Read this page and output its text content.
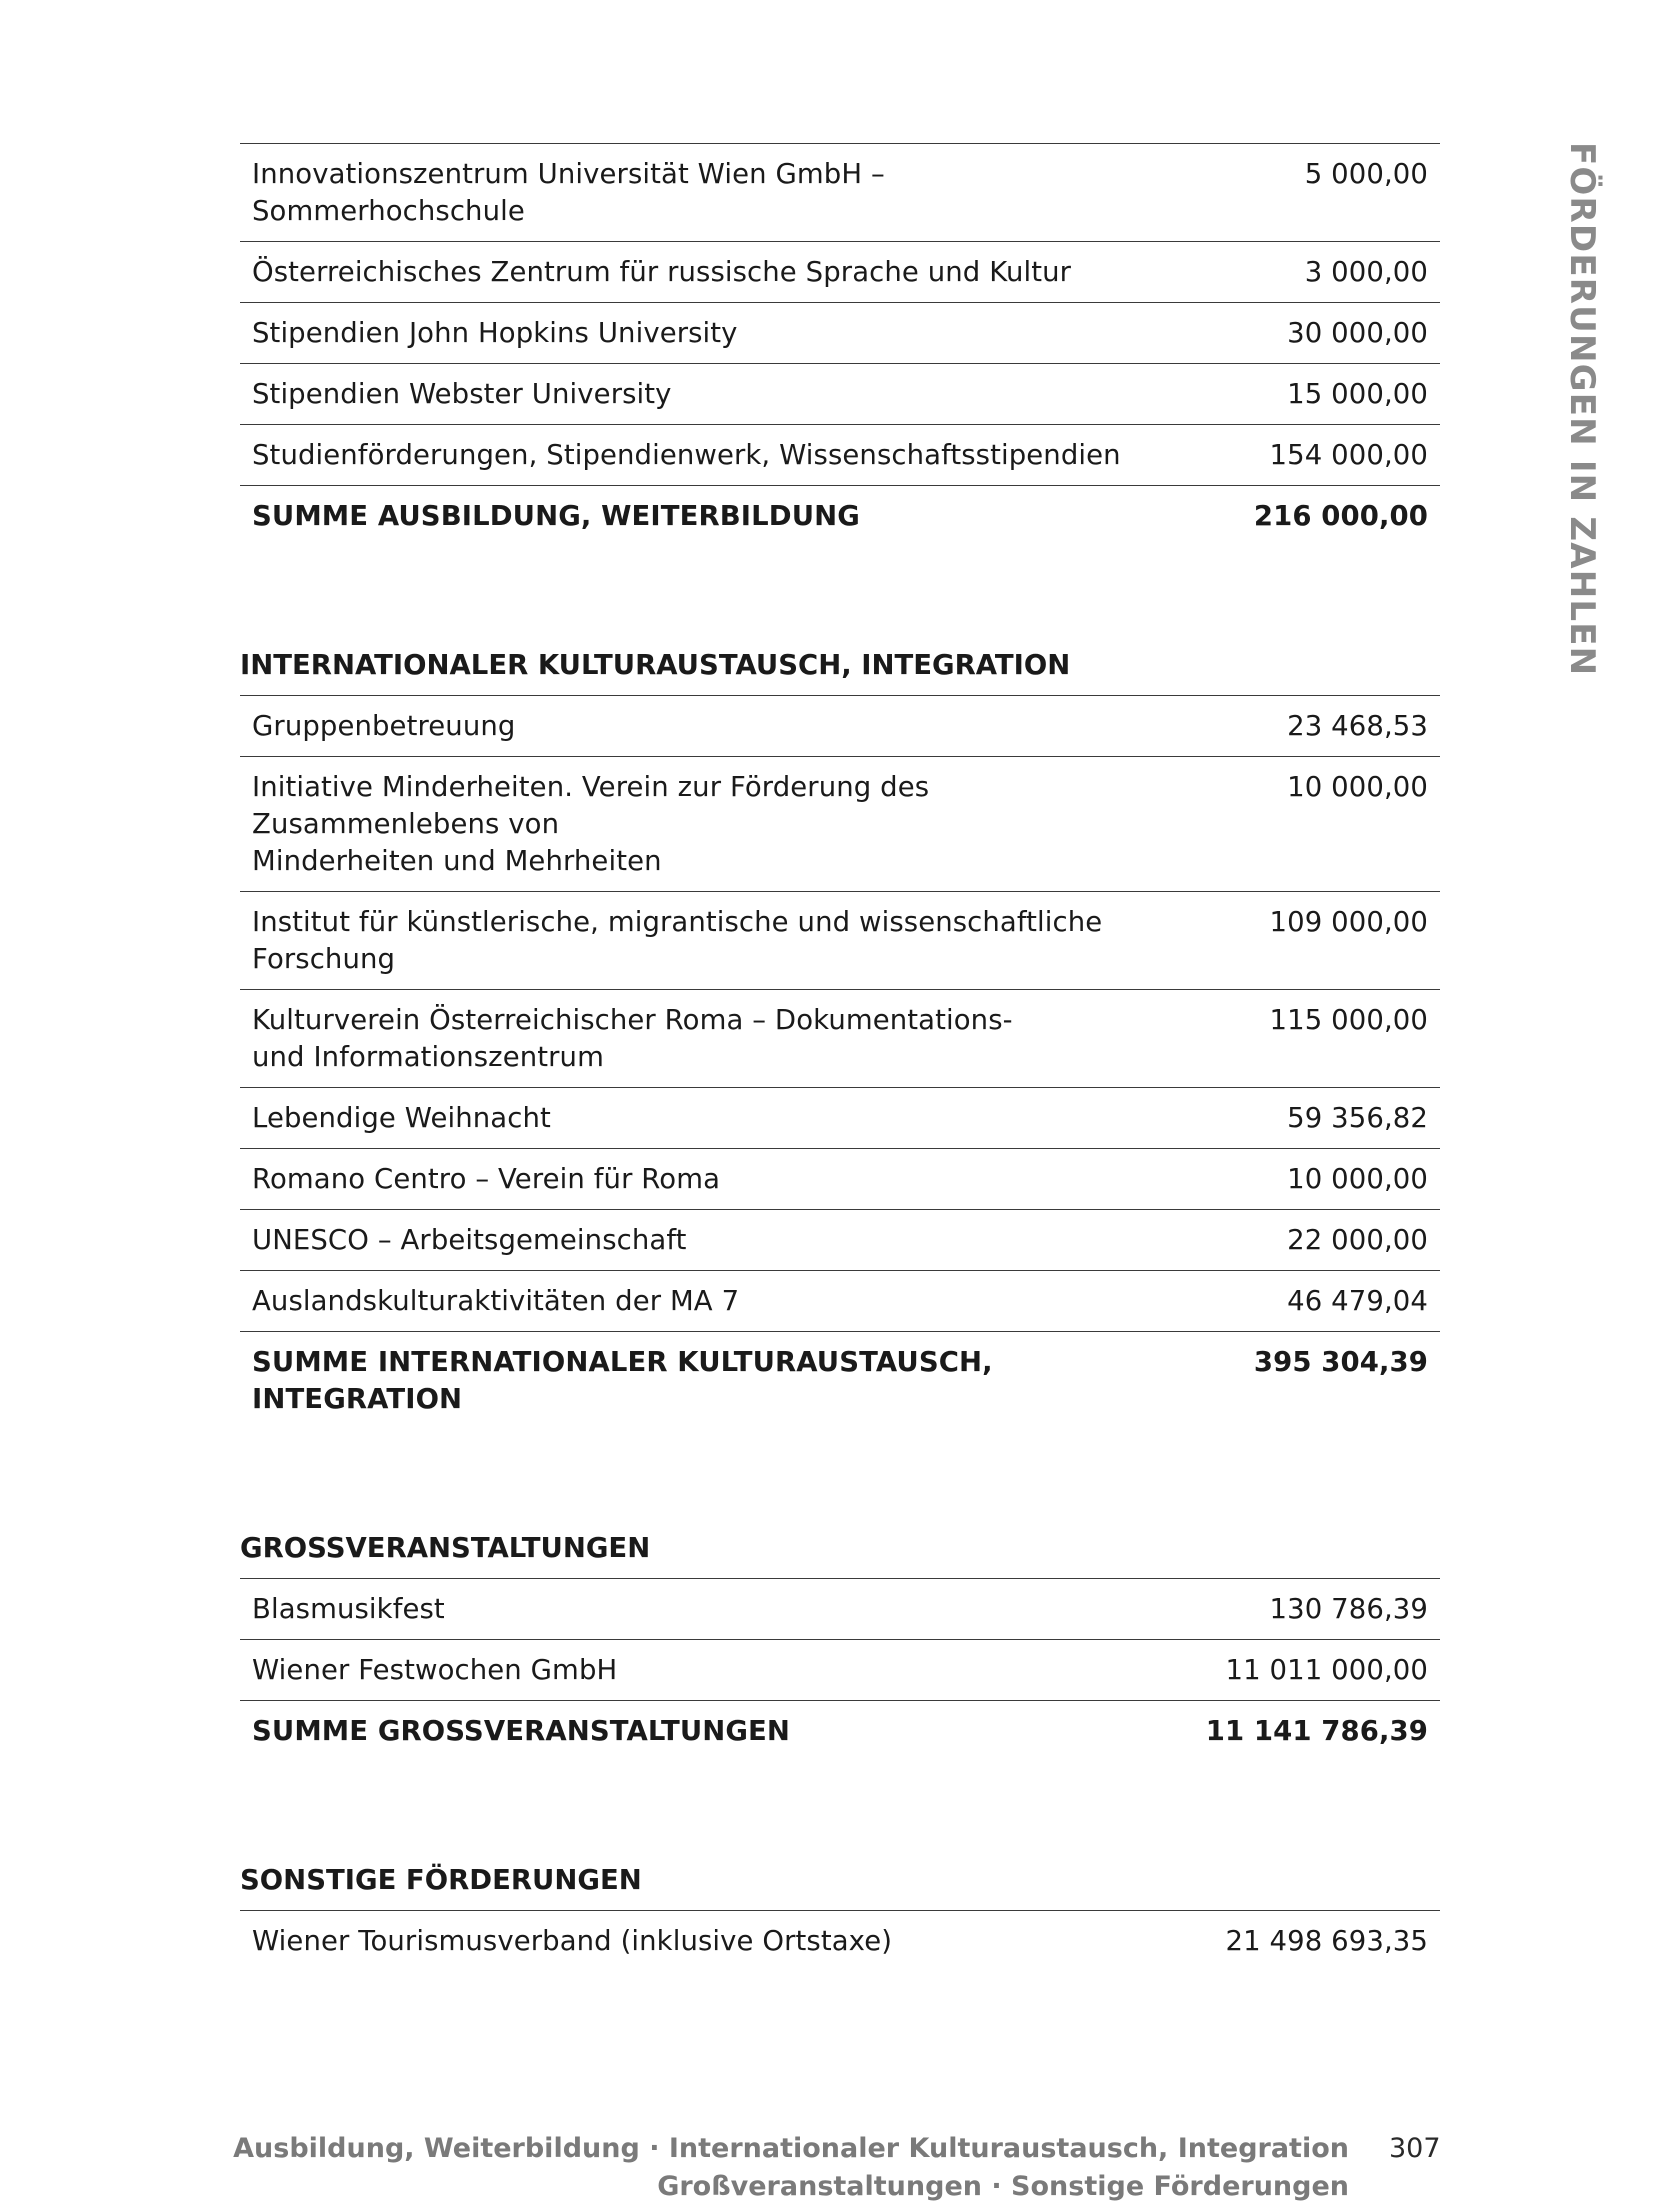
Innovationszentrum Universität Wien GmbH – Sommerhochschule	5 000,00
Österreichisches Zentrum für russische Sprache und Kultur	3 000,00
Stipendien John Hopkins University	30 000,00
Stipendien Webster University	15 000,00
Studienförderungen, Stipendienwerk, Wissenschaftsstipendien	154 000,00
SUMME AUSBILDUNG, WEITERBILDUNG	216 000,00
INTERNATIONALER KULTURAUSTAUSCH, INTEGRATION
Gruppenbetreuung	23 468,53
Initiative Minderheiten. Verein zur Förderung des Zusammenlebens von
Minderheiten und Mehrheiten	10 000,00
Institut für künstlerische, migrantische und wissenschaftliche Forschung	109 000,00
Kulturverein Österreichischer Roma – Dokumentations-
und Informationszentrum	115 000,00
Lebendige Weihnacht	59 356,82
Romano Centro – Verein für Roma	10 000,00
UNESCO – Arbeitsgemeinschaft	22 000,00
Auslandskulturaktivitäten der MA 7	46 479,04
SUMME INTERNATIONALER KULTURAUSTAUSCH, INTEGRATION	395 304,39
GROSSVERANSTALTUNGEN
Blasmusikfest	130 786,39
Wiener Festwochen GmbH	11 011 000,00
SUMME GROSSVERANSTALTUNGEN	11 141 786,39
SONSTIGE FÖRDERUNGEN
Wiener Tourismusverband (inklusive Ortstaxe)	21 498 693,35
FÖRDERUNGEN IN ZAHLEN
Ausbildung, Weiterbildung · Internationaler Kulturaustausch, Integration
Großveranstaltungen · Sonstige Förderungen
307
